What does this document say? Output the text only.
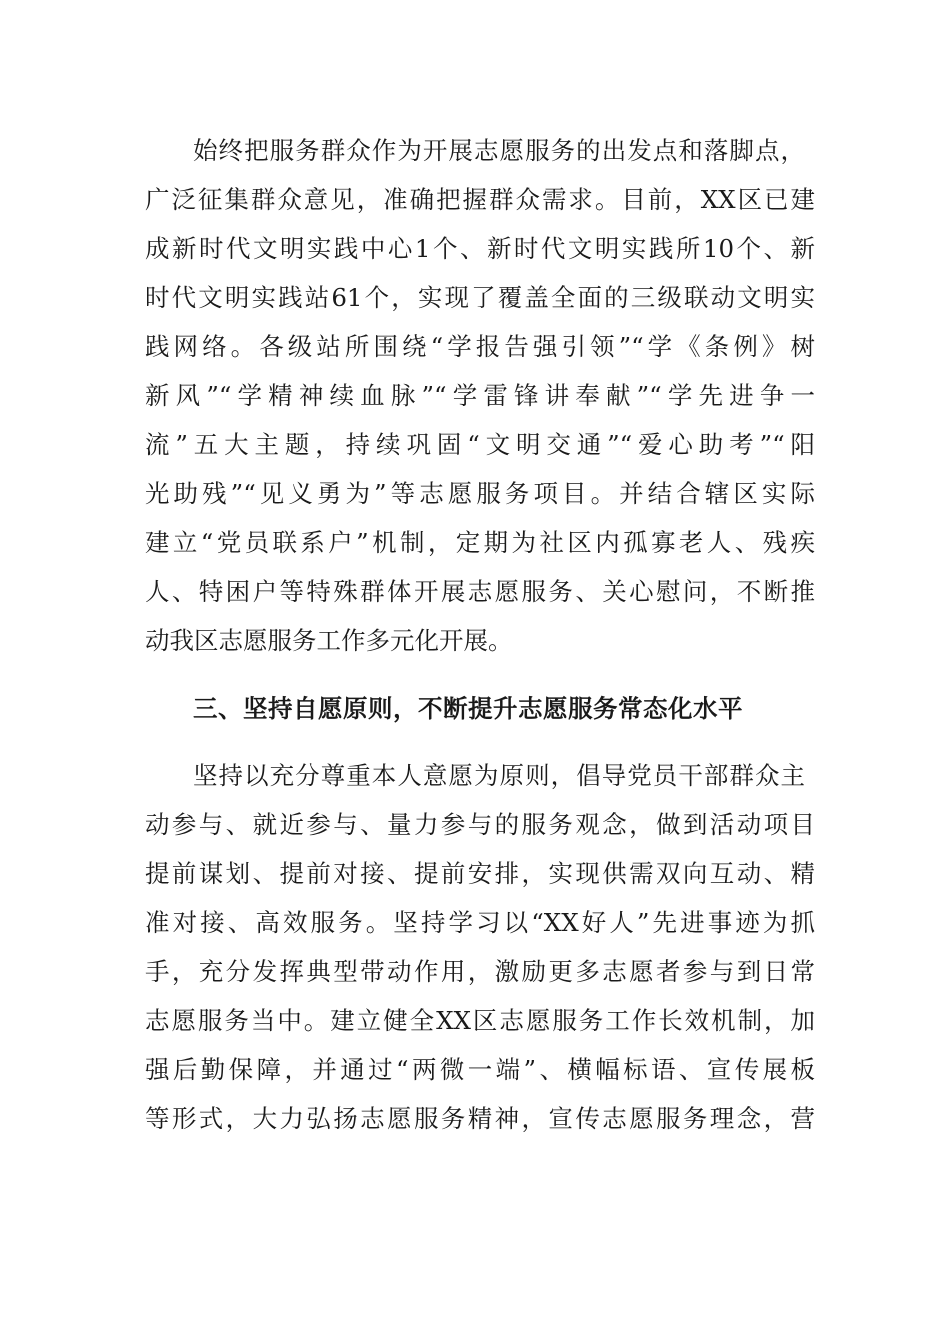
始终把服务群众作为开展志愿服务的出发点和落脚点，
广泛征集群众意见，准确把握群众需求。目前，XX区已建
成新时代文明实践中心1个、新时代文明实践所10个、新
时代文明实践站61个，实现了覆盖全面的三级联动文明实
践网络。各级站所围绕“学报告强引领”“学《条例》树
新风”“学精神续血脉”“学雷锋讲奉献”“学先进争一
流”五大主题，持续巩固“文明交通”“爱心助考”“阳
光助残”“见义勇为”等志愿服务项目。并结合辖区实际
建立“党员联系户”机制，定期为社区内孤寡老人、残疾
人、特困户等特殊群体开展志愿服务、关心慰问，不断推
动我区志愿服务工作多元化开展。
三、坚持自愿原则，不断提升志愿服务常态化水平
坚持以充分尊重本人意愿为原则，倡导党员干部群众主
动参与、就近参与、量力参与的服务观念，做到活动项目
提前谋划、提前对接、提前安排，实现供需双向互动、精
准对接、高效服务。坚持学习以“XX好人”先进事迹为抓
手，充分发挥典型带动作用，激励更多志愿者参与到日常
志愿服务当中。建立健全XX区志愿服务工作长效机制，加
强后勤保障，并通过“两微一端”、横幅标语、宣传展板
等形式，大力弘扬志愿服务精神，宣传志愿服务理念，营
